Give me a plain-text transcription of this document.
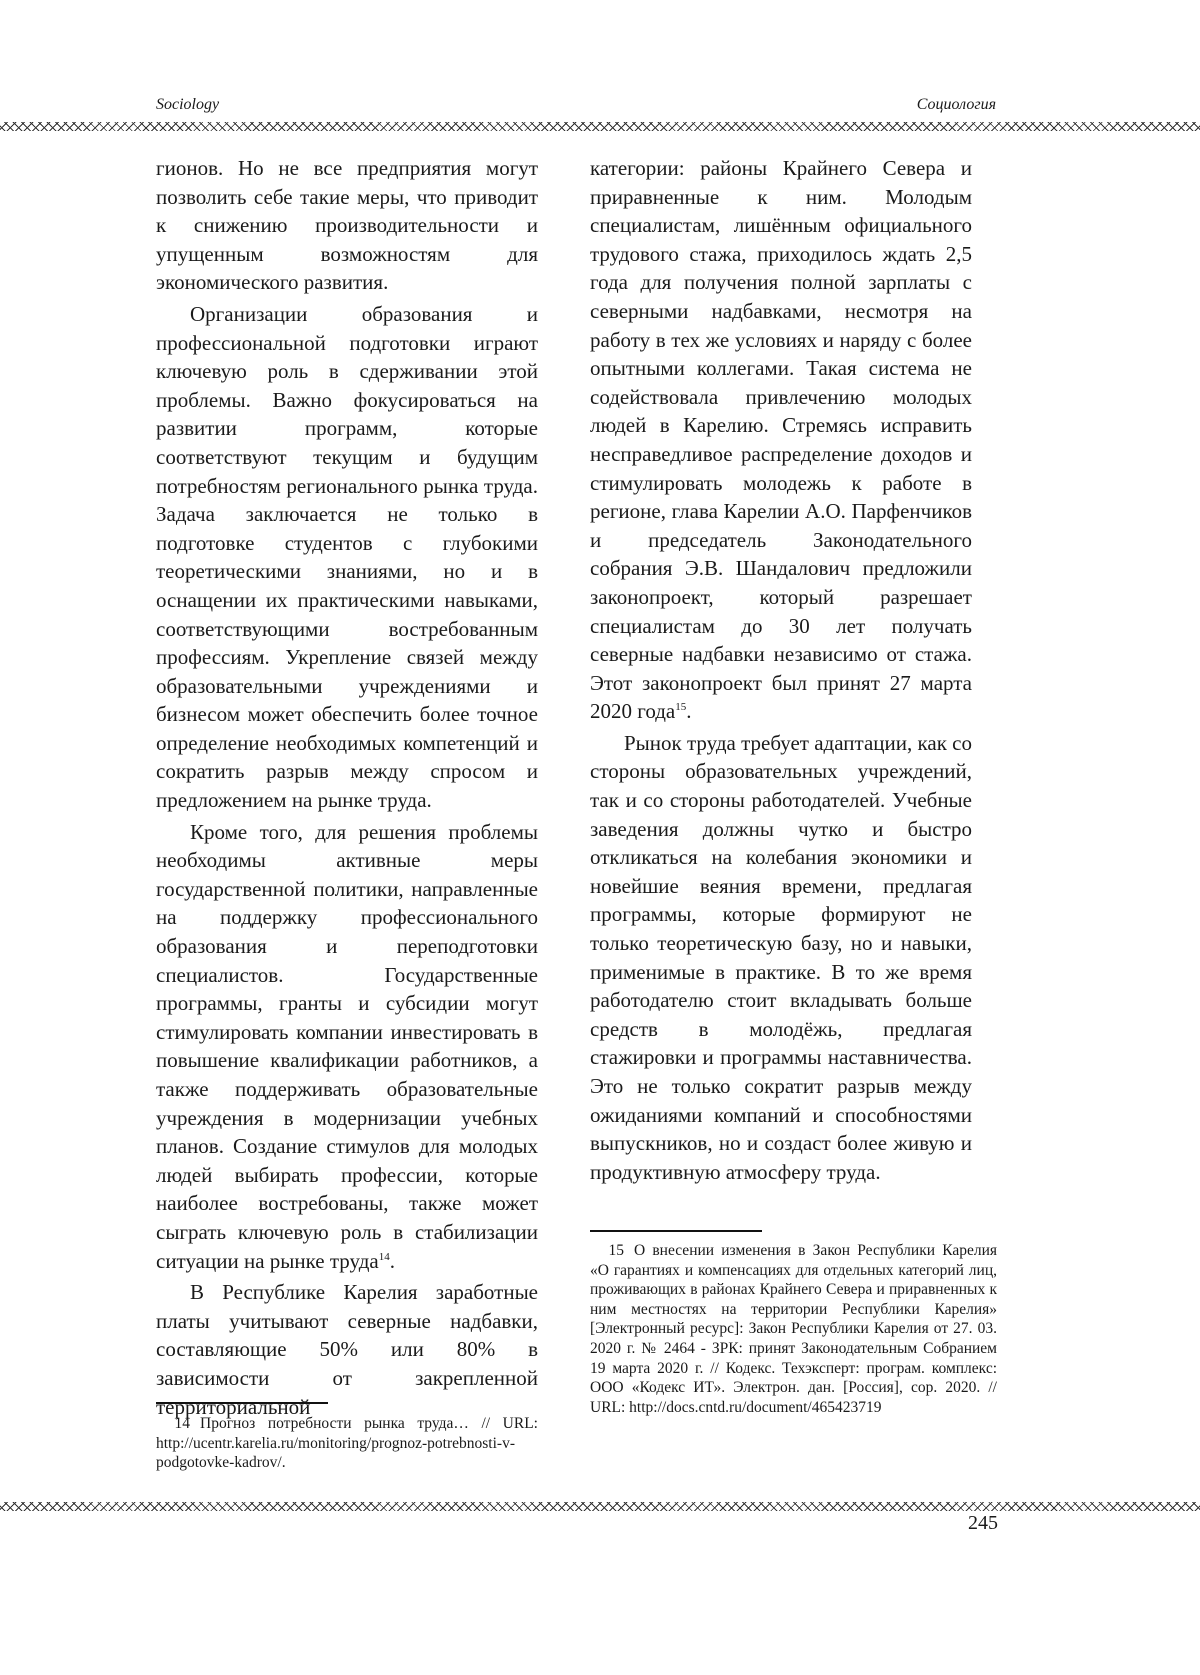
Sociology	Социология

гионов. Но не все предприятия могут позволить себе такие меры, что приводит к снижению производительности и упущенным возможностям для экономического развития.

Организации образования и профессиональной подготовки играют ключевую роль в сдерживании этой проблемы. Важно фокусироваться на развитии программ, которые соответствуют текущим и будущим потребностям регионального рынка труда. Задача заключается не только в подготовке студентов с глубокими теоретическими знаниями, но и в оснащении их практическими навыками, соответствующими востребованным профессиям. Укрепление связей между образовательными учреждениями и бизнесом может обеспечить более точное определение необходимых компетенций и сократить разрыв между спросом и предложением на рынке труда.

Кроме того, для решения проблемы необходимы активные меры государственной политики, направленные на поддержку профессионального образования и переподготовки специалистов. Государственные программы, гранты и субсидии могут стимулировать компании инвестировать в повышение квалификации работников, а также поддерживать образовательные учреждения в модернизации учебных планов. Создание стимулов для молодых людей выбирать профессии, которые наиболее востребованы, также может сыграть ключевую роль в стабилизации ситуации на рынке труда$^{14}$.

В Республике Карелия заработные платы учитывают северные надбавки, составляющие 50% или 80% в зависимости от закрепленной территориальной

категории: районы Крайнего Севера и приравненные к ним. Молодым специалистам, лишённым официального трудового стажа, приходилось ждать 2,5 года для получения полной зарплаты с северными надбавками, несмотря на работу в тех же условиях и наряду с более опытными коллегами. Такая система не содействовала привлечению молодых людей в Карелию. Стремясь исправить несправедливое распределение доходов и стимулировать молодежь к работе в регионе, глава Карелии А.О. Парфенчиков и председатель Законодательного собрания Э.В. Шандалович предложили законопроект, который разрешает специалистам до 30 лет получать северные надбавки независимо от стажа. Этот законопроект был принят 27 марта 2020 года$^{15}$.

Рынок труда требует адаптации, как со стороны образовательных учреждений, так и со стороны работодателей. Учебные заведения должны чутко и быстро откликаться на колебания экономики и новейшие веяния времени, предлагая программы, которые формируют не только теоретическую базу, но и навыки, применимые в практике. В то же время работодателю стоит вкладывать больше средств в молодёжь, предлагая стажировки и программы наставничества. Это не только сократит разрыв между ожиданиями компаний и способностями выпускников, но и создаст более живую и продуктивную атмосферу труда.

14 Прогноз потребности рынка труда… // URL: http://ucentr.karelia.ru/monitoring/prognoz-potrebnosti-v-podgotovke-kadrov/.
15 О внесении изменения в Закон Республики Карелия «О гарантиях и компенсациях для отдельных категорий лиц, проживающих в районах Крайнего Севера и приравненных к ним местностях на территории Республики Карелия» [Электронный ресурс]: Закон Республики Карелия от 27. 03. 2020 г. № 2464 - ЗРК: принят Законодательным Собранием 19 марта 2020 г. // Кодекс. Техэксперт: програм. комплекс: ООО «Кодекс ИТ». Электрон. дан. [Россия], cop. 2020. // URL: http://docs.cntd.ru/document/465423719
245
